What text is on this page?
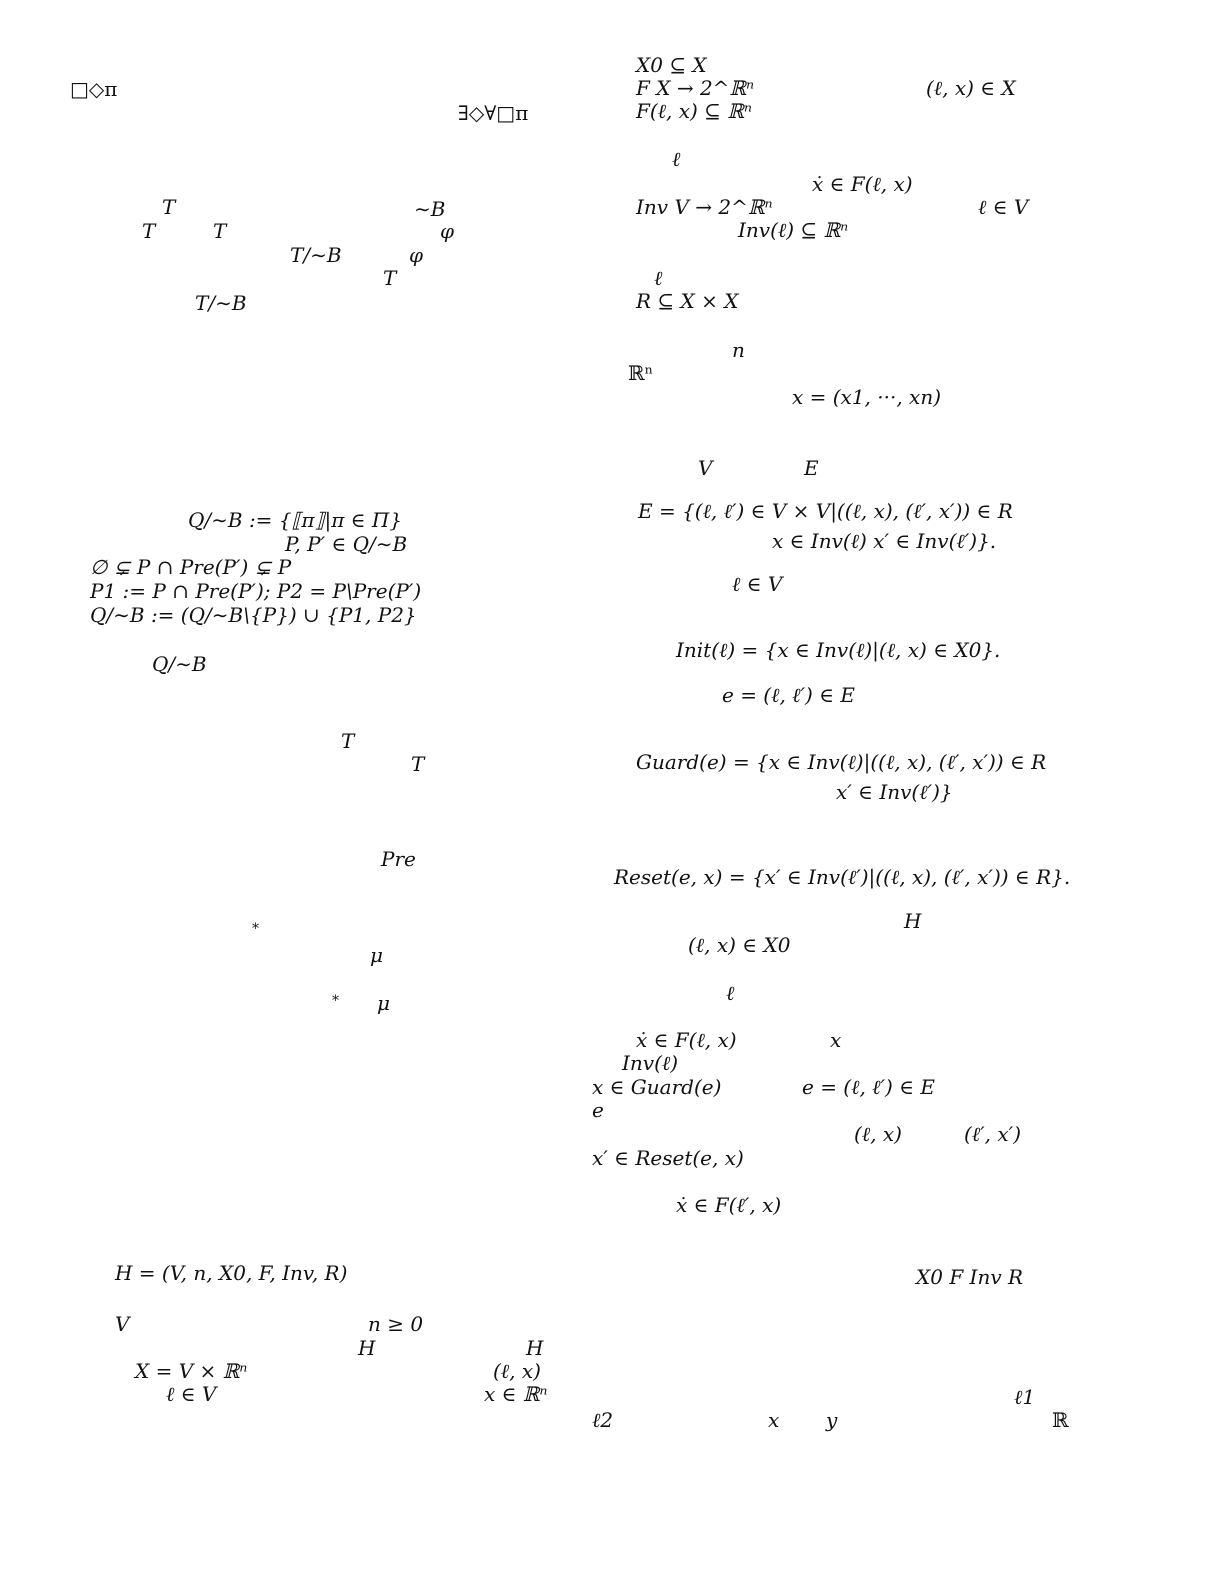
□◇π
∃◇∀□π
T	∼B
T	T	φ
T/∼B	φ
T
T/∼B
Q/∼B := {⟦π⟧|π ∈ Π}
P, P′ ∈ Q/∼B
∅ ⊊ P ∩ Pre(P′) ⊊ P
P1 := P ∩ Pre(P′); P2 = P\Pre(P′)
Q/∼B := (Q/∼B\{P}) ∪ {P1, P2}
Q/∼B
T
T
Pre
*
μ
* μ
H = (V, n, X0, F, Inv, R)
V	n ≥ 0
H	H
X = V × ℝⁿ	(ℓ, x)
ℓ ∈ V	x ∈ ℝⁿ
X0 ⊆ X
F X → 2^ℝⁿ	(ℓ, x) ∈ X
F(ℓ, x) ⊆ ℝⁿ
ℓ
ẋ ∈ F(ℓ, x)
Inv V → 2^ℝⁿ	ℓ ∈ V
Inv(ℓ) ⊆ ℝⁿ
ℓ
R ⊆ X × X
n
ℝⁿ
x = (x1, ···, xn)
V	E
E = {(ℓ, ℓ′) ∈ V × V|((ℓ, x), (ℓ′, x′)) ∈ R
x ∈ Inv(ℓ) x′ ∈ Inv(ℓ′)}.
ℓ ∈ V
Init(ℓ) = {x ∈ Inv(ℓ)|(ℓ, x) ∈ X0}.
e = (ℓ, ℓ′) ∈ E
Guard(e) = {x ∈ Inv(ℓ)|((ℓ, x), (ℓ′, x′)) ∈ R
x′ ∈ Inv(ℓ′)}
Reset(e, x) = {x′ ∈ Inv(ℓ′)|((ℓ, x), (ℓ′, x′)) ∈ R}.
H
(ℓ, x) ∈ X0
ℓ
ẋ ∈ F(ℓ, x)	x
Inv(ℓ)
x ∈ Guard(e)	e = (ℓ, ℓ′) ∈ E
e
(ℓ, x)	(ℓ′, x′)
x′ ∈ Reset(e, x)
ẋ ∈ F(ℓ′, x)
X0 F Inv R
ℓ1
ℓ2	x y	ℝ
